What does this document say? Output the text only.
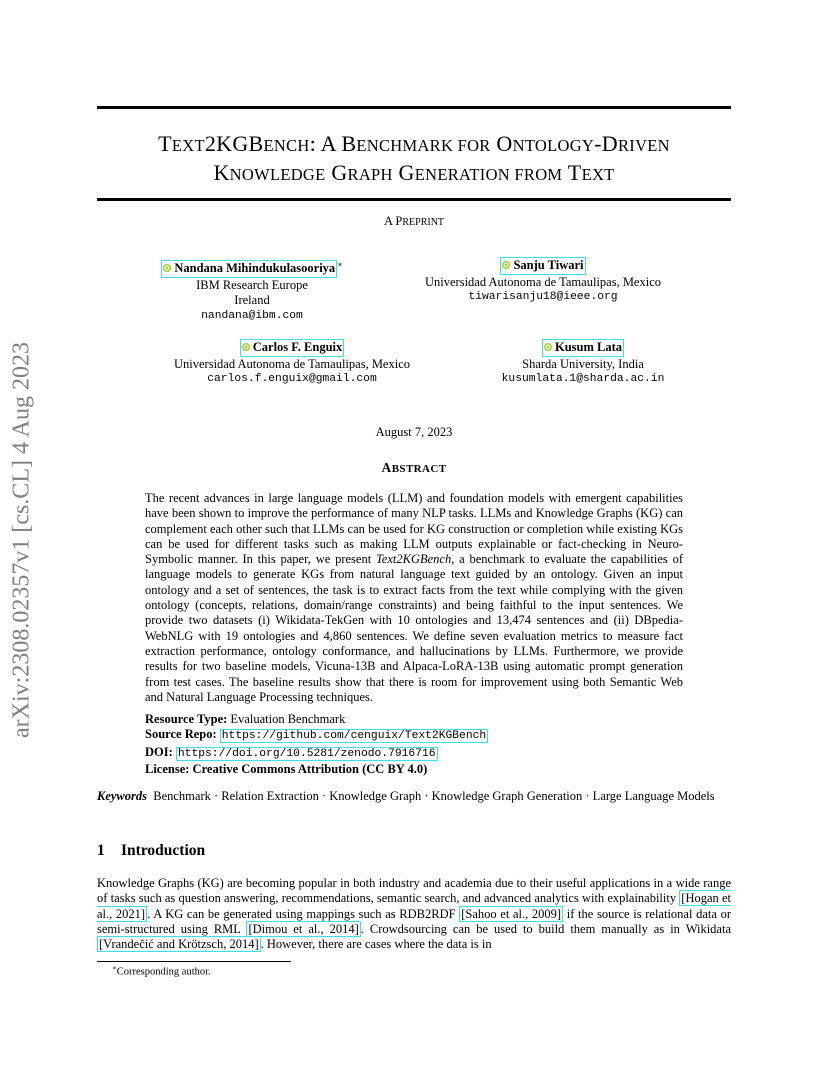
arXiv:2308.02357v1 [cs.CL] 4 Aug 2023
TEXT2KGBENCH: A BENCHMARK FOR ONTOLOGY-DRIVEN
KNOWLEDGE GRAPH GENERATION FROM TEXT
A PREPRINT
Nandana Mihindukulasooriya ∗
IBM Research Europe
Ireland
nandana@ibm.com
Sanju Tiwari
Universidad Autonoma de Tamaulipas, Mexico
tiwarisanju18@ieee.org
Carlos F. Enguix
Universidad Autonoma de Tamaulipas, Mexico
carlos.f.enguix@gmail.com
Kusum Lata
Sharda University, India
kusumlata.1@sharda.ac.in
August 7, 2023
ABSTRACT

The recent advances in large language models (LLM) and foundation models with emergent capabilities have been shown to improve the performance of many NLP tasks. LLMs and Knowledge Graphs (KG) can complement each other such that LLMs can be used for KG construction or completion while existing KGs can be used for different tasks such as making LLM outputs explainable or fact-checking in Neuro-Symbolic manner. In this paper, we present Text2KGBench, a benchmark to evaluate the capabilities of language models to generate KGs from natural language text guided by an ontology. Given an input ontology and a set of sentences, the task is to extract facts from the text while complying with the given ontology (concepts, relations, domain/range constraints) and being faithful to the input sentences. We provide two datasets (i) Wikidata-TekGen with 10 ontologies and 13,474 sentences and (ii) DBpedia-WebNLG with 19 ontologies and 4,860 sentences. We define seven evaluation metrics to measure fact extraction performance, ontology conformance, and hallucinations by LLMs. Furthermore, we provide results for two baseline models, Vicuna-13B and Alpaca-LoRA-13B using automatic prompt generation from test cases. The baseline results show that there is room for improvement using both Semantic Web and Natural Language Processing techniques.

Resource Type: Evaluation Benchmark
Source Repo: https://github.com/cenguix/Text2KGBench
DOI: https://doi.org/10.5281/zenodo.7916716
License: Creative Commons Attribution (CC BY 4.0)
Keywords Benchmark · Relation Extraction · Knowledge Graph · Knowledge Graph Generation · Large Language Models
1 Introduction

Knowledge Graphs (KG) are becoming popular in both industry and academia due to their useful applications in a wide range of tasks such as question answering, recommendations, semantic search, and advanced analytics with explainability [Hogan et al., 2021] . A KG can be generated using mappings such as RDB2RDF [Sahoo et al., 2009] if the source is relational data or semi-structured using RML [Dimou et al., 2014] . Crowdsourcing can be used to build them manually as in Wikidata [Vrandečić and Krötzsch, 2014] . However, there are cases where the data is in

∗Corresponding author.
